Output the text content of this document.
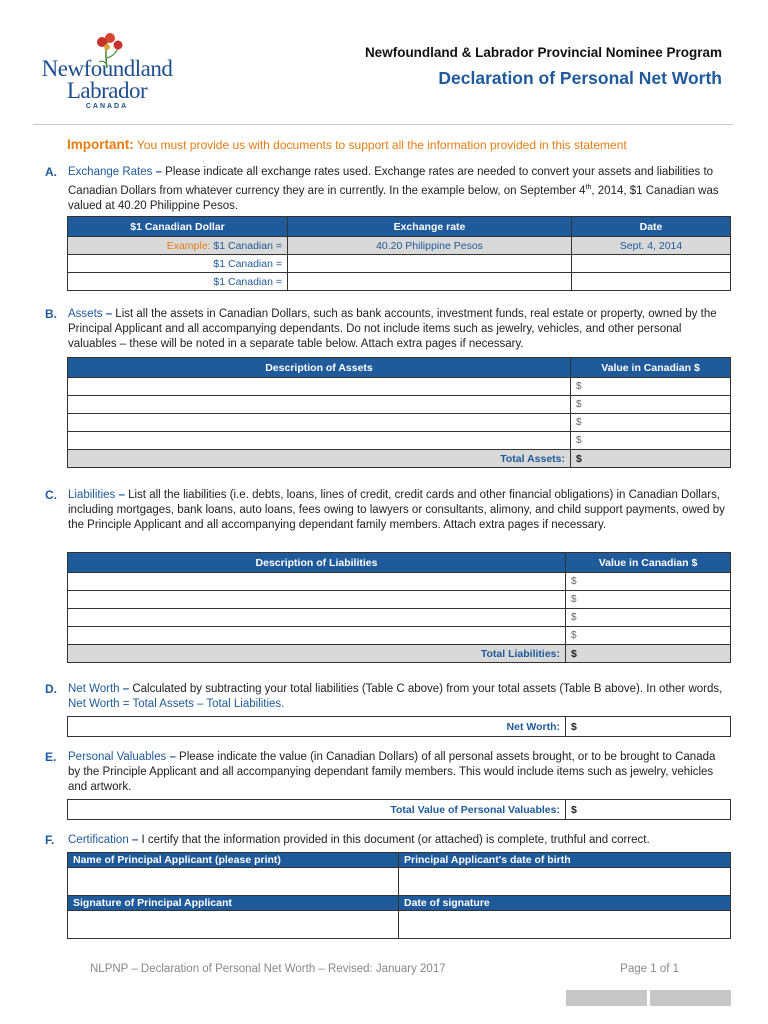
Newfoundland
Labrador
CANADA
Newfoundland & Labrador Provincial Nominee Program
Declaration of Personal Net Worth
Important: You must provide us with documents to support all the information provided in this statement
A. Exchange Rates – Please indicate all exchange rates used. Exchange rates are needed to convert your assets and liabilities to Canadian Dollars from whatever currency they are in currently. In the example below, on September 4th, 2014, $1 Canadian was valued at 40.20 Philippine Pesos.
$1 Canadian Dollar	Exchange rate	Date
Example: $1 Canadian =	40.20 Philippine Pesos	Sept. 4, 2014
$1 Canadian =		
$1 Canadian =		
B. Assets – List all the assets in Canadian Dollars, such as bank accounts, investment funds, real estate or property, owned by the Principal Applicant and all accompanying dependants. Do not include items such as jewelry, vehicles, and other personal valuables – these will be noted in a separate table below. Attach extra pages if necessary.
Description of Assets	Value in Canadian $
	$
	$
	$
	$
Total Assets:	$
C. Liabilities – List all the liabilities (i.e. debts, loans, lines of credit, credit cards and other financial obligations) in Canadian Dollars, including mortgages, bank loans, auto loans, fees owing to lawyers or consultants, alimony, and child support payments, owed by the Principle Applicant and all accompanying dependant family members. Attach extra pages if necessary.
Description of Liabilities	Value in Canadian $
	$
	$
	$
	$
Total Liabilities:	$
D. Net Worth – Calculated by subtracting your total liabilities (Table C above) from your total assets (Table B above). In other words, Net Worth = Total Assets – Total Liabilities.
Net Worth:	$
E. Personal Valuables – Please indicate the value (in Canadian Dollars) of all personal assets brought, or to be brought to Canada by the Principle Applicant and all accompanying dependant family members. This would include items such as jewelry, vehicles and artwork.
Total Value of Personal Valuables:	$
F. Certification – I certify that the information provided in this document (or attached) is complete, truthful and correct.
Name of Principal Applicant (please print)	Principal Applicant's date of birth

Signature of Principal Applicant	Date of signature

NLPNP – Declaration of Personal Net Worth – Revised: January 2017	Page 1 of 1
